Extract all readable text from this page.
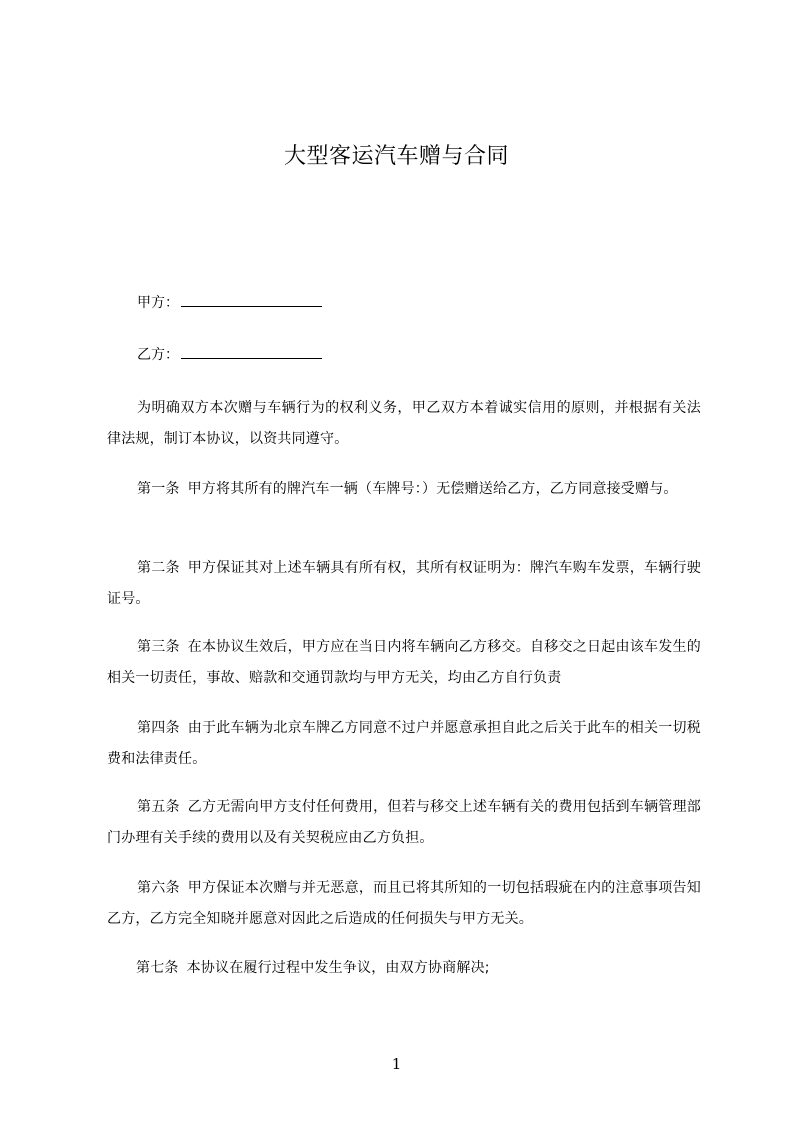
大型客运汽车赠与合同
甲方：
乙方：
为明确双方本次赠与车辆行为的权利义务，甲乙双方本着诚实信用的原则，并根据有关法律法规，制订本协议，以资共同遵守。
第一条 甲方将其所有的牌汽车一辆（车牌号：）无偿赠送给乙方，乙方同意接受赠与。
第二条 甲方保证其对上述车辆具有所有权，其所有权证明为：牌汽车购车发票，车辆行驶证号。
第三条 在本协议生效后，甲方应在当日内将车辆向乙方移交。自移交之日起由该车发生的相关一切责任，事故、赔款和交通罚款均与甲方无关，均由乙方自行负责
第四条 由于此车辆为北京车牌乙方同意不过户并愿意承担自此之后关于此车的相关一切税费和法律责任。
第五条 乙方无需向甲方支付任何费用，但若与移交上述车辆有关的费用包括到车辆管理部门办理有关手续的费用以及有关契税应由乙方负担。
第六条 甲方保证本次赠与并无恶意，而且已将其所知的一切包括瑕疵在内的注意事项告知乙方，乙方完全知晓并愿意对因此之后造成的任何损失与甲方无关。
第七条 本协议在履行过程中发生争议，由双方协商解决;
1
